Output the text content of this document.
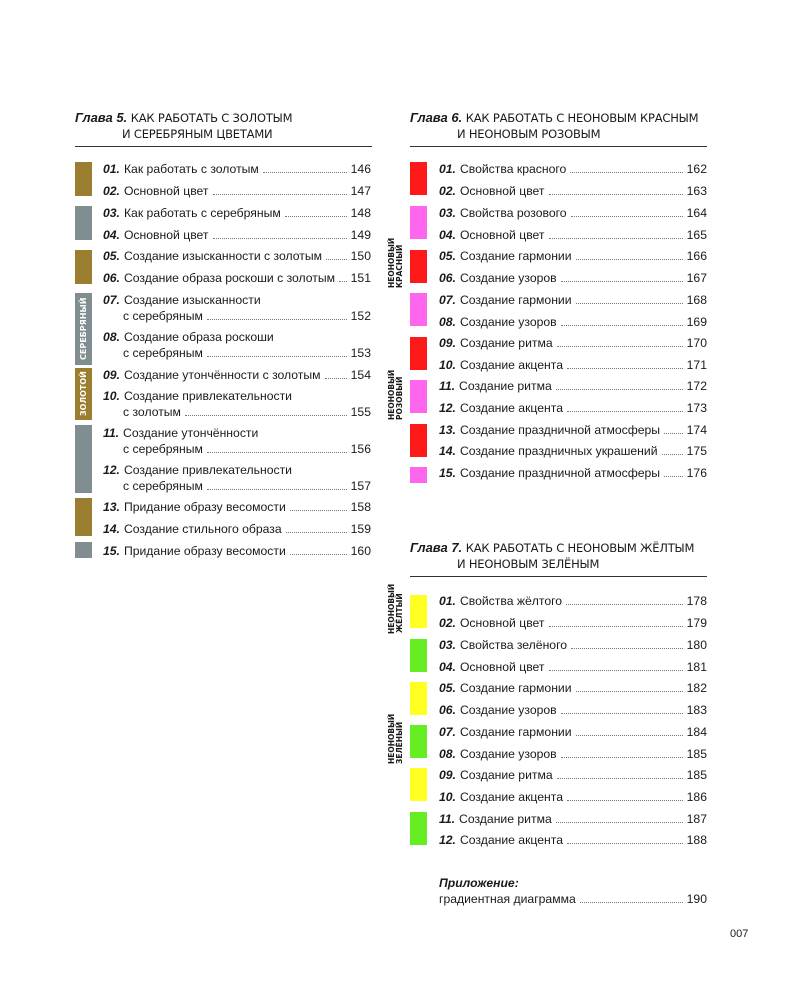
Глава 5. КАК РАБОТАТЬ С ЗОЛОТЫМ
И СЕРЕБРЯНЫМ ЦВЕТАМИ
СЕРЕБРЯНЫЙ
ЗОЛОТОЙ
01. Как работать с золотым	146
02. Основной цвет	147
03. Как работать с серебряным	148
04. Основной цвет	149
05. Создание изысканности с золотым 150
06. Создание образа роскоши с золотым 151
07. Создание изысканности
с серебряным	152
08. Создание образа роскоши
с серебряным	153
09. Создание утончённости с золотым 154
10. Создание привлекательности
с золотым	155
11. Создание утончённости
с серебряным	156
12. Создание привлекательности
с серебряным	157
13. Придание образу весомости	158
14. Создание стильного образа	159
15. Придание образу весомости	160
Глава 6. КАК РАБОТАТЬ С НЕОНОВЫМ КРАСНЫМ
И НЕОНОВЫМ РОЗОВЫМ
НЕОНОВЫЙ
КРАСНЫЙ
НЕОНОВЫЙ
РОЗОВЫЙ
01. Свойства красного	162
02. Основной цвет	163
03. Свойства розового	164
04. Основной цвет	165
05. Создание гармонии	166
06. Создание узоров	167
07. Создание гармонии	168
08. Создание узоров	169
09. Создание ритма	170
10. Создание акцента	171
11. Создание ритма	172
12. Создание акцента	173
13. Создание праздничной атмосферы 174
14. Создание праздничных украшений 175
15. Создание праздничной атмосферы 176
Глава 7. КАК РАБОТАТЬ С НЕОНОВЫМ ЖЁЛТЫМ
И НЕОНОВЫМ ЗЕЛЁНЫМ
НЕОНОВЫЙ
ЖЁЛТЫЙ
НЕОНОВЫЙ
ЗЕЛЁНЫЙ
01. Свойства жёлтого	178
02. Основной цвет	179
03. Свойства зелёного	180
04. Основной цвет	181
05. Создание гармонии	182
06. Создание узоров	183
07. Создание гармонии	184
08. Создание узоров	185
09. Создание ритма	185
10. Создание акцента	186
11. Создание ритма	187
12. Создание акцента	188
Приложение:
градиентная диаграмма	190
007
